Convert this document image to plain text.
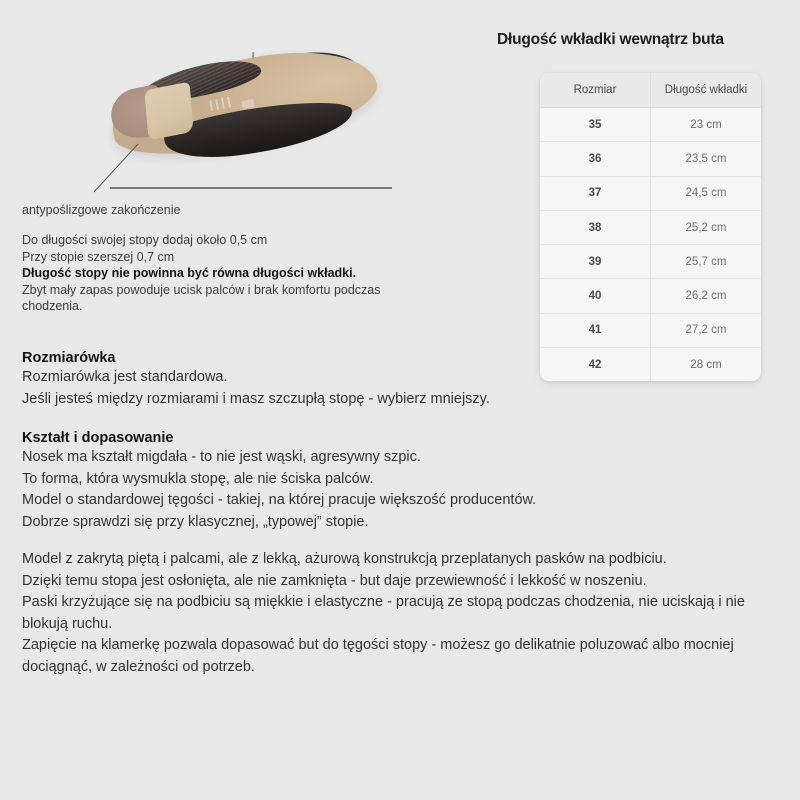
Długość wkładki wewnątrz buta
Rozmiar	Długość wkładki
35	23 cm
36	23,5 cm
37	24,5 cm
38	25,2 cm
39	25,7 cm
40	26,2 cm
41	27,2 cm
42	28 cm
antypoślizgowe zakończenie
Do długości swojej stopy dodaj około 0,5 cm
Przy stopie szerszej 0,7 cm
Długość stopy nie powinna być równa długości wkładki.
Zbyt mały zapas powoduje ucisk palców i brak komfortu podczas chodzenia.
Rozmiarówka

Rozmiarówka jest standardowa.

Jeśli jesteś między rozmiarami i masz szczupłą stopę - wybierz mniejszy.

Kształt i dopasowanie

Nosek ma kształt migdała - to nie jest wąski, agresywny szpic.

To forma, która wysmukla stopę, ale nie ściska palców.

Model o standardowej tęgości - takiej, na której pracuje większość producentów.

Dobrze sprawdzi się przy klasycznej, „typowej” stopie.

Model z zakrytą piętą i palcami, ale z lekką, ażurową konstrukcją przeplatanych pasków na podbiciu.

Dzięki temu stopa jest osłonięta, ale nie zamknięta - but daje przewiewność i lekkość w noszeniu.

Paski krzyżujące się na podbiciu są miękkie i elastyczne - pracują ze stopą podczas chodzenia, nie uciskają i nie blokują ruchu.

Zapięcie na klamerkę pozwala dopasować but do tęgości stopy - możesz go delikatnie poluzować albo mocniej dociągnąć, w zależności od potrzeb.
